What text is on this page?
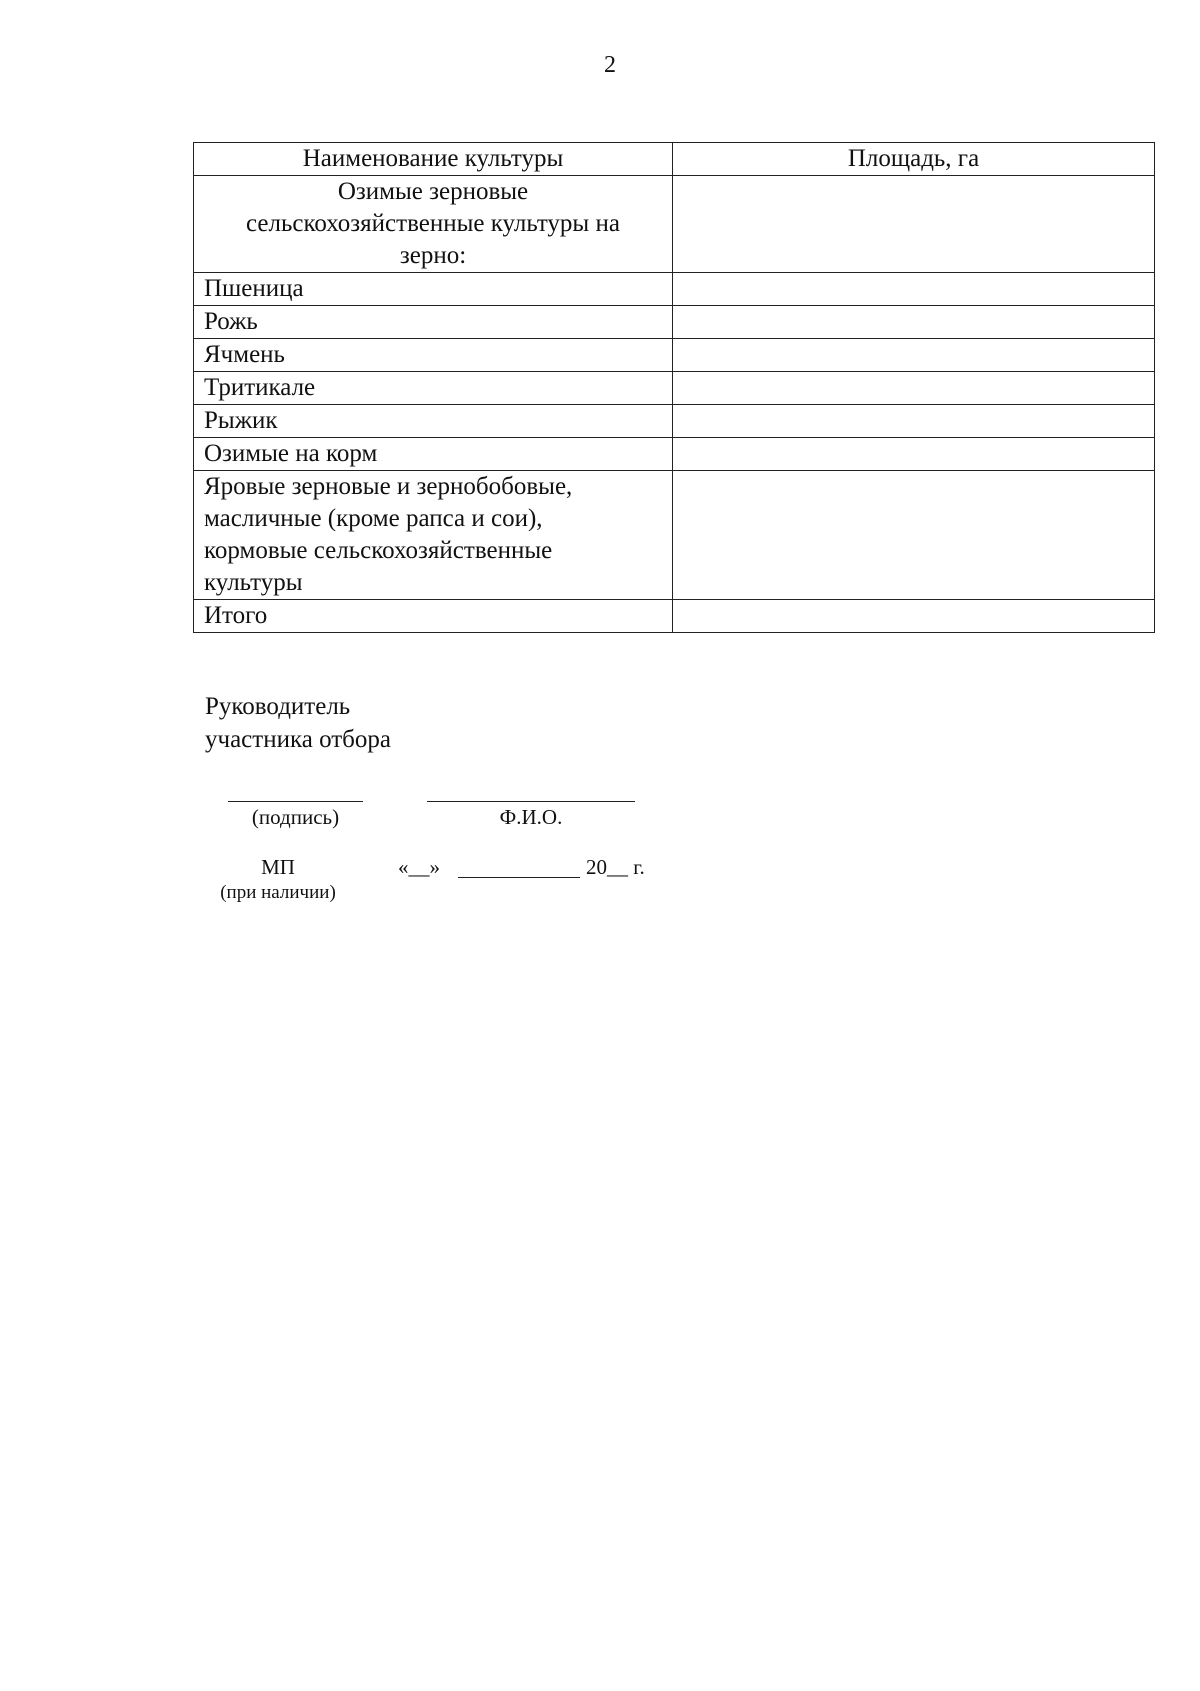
2
Наименование культуры	Площадь, га
Озимые зерновые сельскохозяйственные культуры на зерно:	
Пшеница	
Рожь	
Ячмень	
Тритикале	
Рыжик	
Озимые на корм	
Яровые зерновые и зернобобовые, масличные (кроме рапса и сои), кормовые сельскохозяйственные культуры	
Итого	
Руководитель
участника отбора
(подпись)	Ф.И.О.
МП
(при наличии)
«__»	20__ г.
